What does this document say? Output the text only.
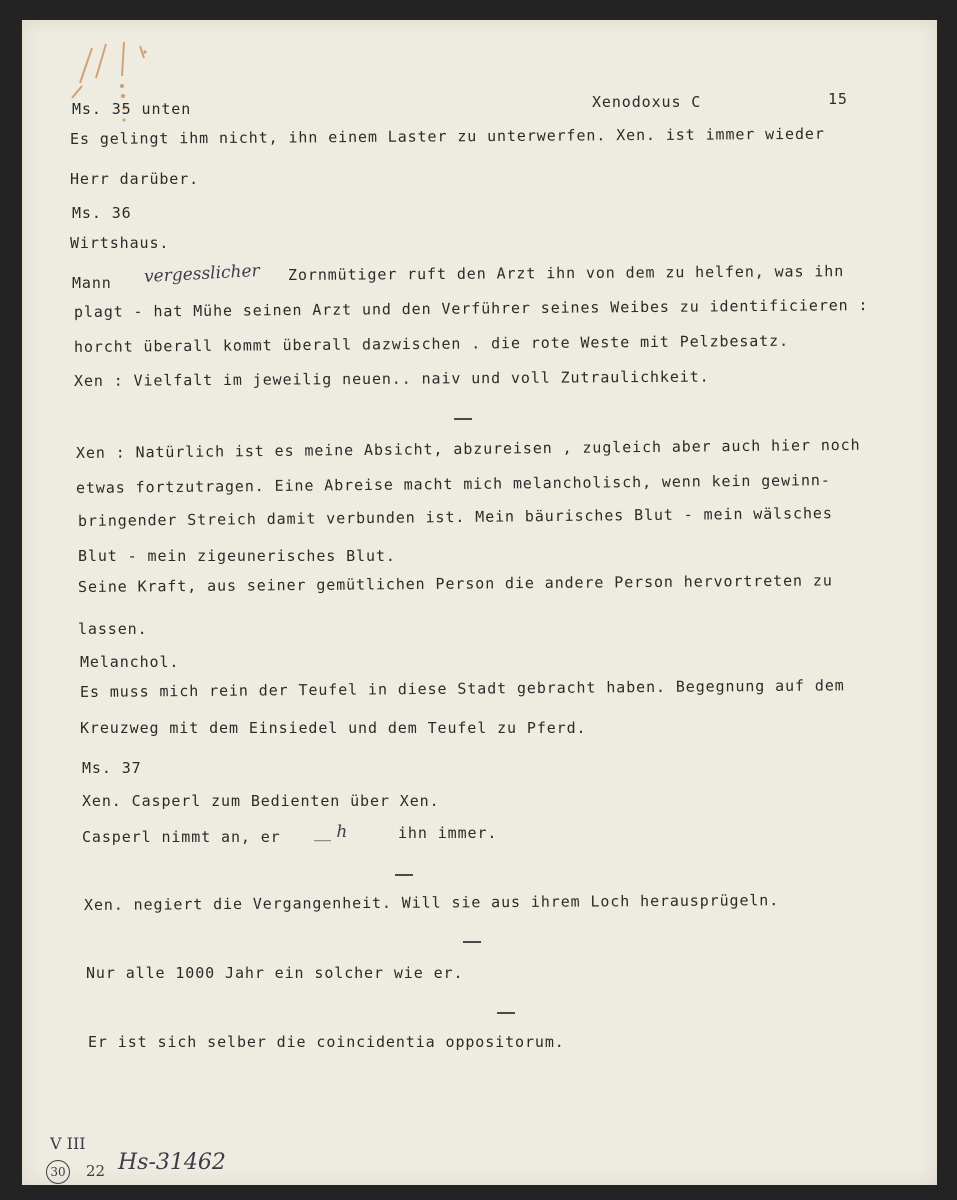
Ms. 35 unten	Xenodoxus C	15
Es gelingt ihm nicht, ihn einem Laster zu unterwerfen. Xen. ist immer wieder
Herr darüber.
Ms. 36
Wirtshaus.
Mann vergesslicher Zornmütiger ruft den Arzt ihn von dem zu helfen, was ihn
plagt - hat Mühe seinen Arzt und den Verführer seines Weibes zu identificieren :
horcht überall kommt überall dazwischen . die rote Weste mit Pelzbesatz.
Xen : Vielfalt im jeweilig neuen.. naiv und voll Zutraulichkeit.
Xen : Natürlich ist es meine Absicht, abzureisen , zugleich aber auch hier noch
etwas fortzutragen. Eine Abreise macht mich melancholisch, wenn kein gewinn-
bringender Streich damit verbunden ist. Mein bäurisches Blut - mein wälsches
Blut - mein zigeunerisches Blut.
Seine Kraft, aus seiner gemütlichen Person die andere Person hervortreten zu
lassen.
Melanchol.
Es muss mich rein der Teufel in diese Stadt gebracht haben. Begegnung auf dem
Kreuzweg mit dem Einsiedel und dem Teufel zu Pferd.
Ms. 37
Xen. Casperl zum Bedienten über Xen.
Casperl nimmt an, er __ h	ihn immer.
Xen. negiert die Vergangenheit. Will sie aus ihrem Loch herausprügeln.
Nur alle 1000 Jahr ein solcher wie er.
Er ist sich selber die coincidentia oppositorum.
V III
30 22 Hs-31462
